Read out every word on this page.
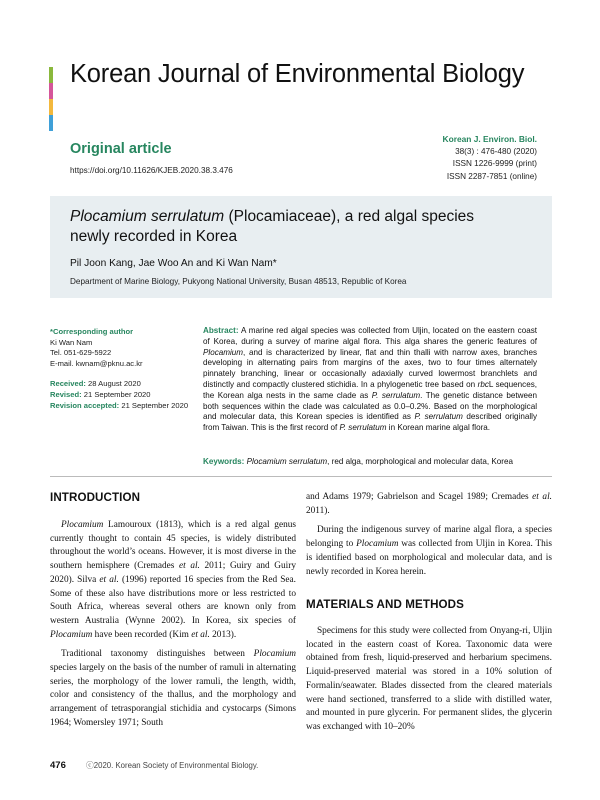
Korean Journal of Environmental Biology
Original article
https://doi.org/10.11626/KJEB.2020.38.3.476
Korean J. Environ. Biol.
38(3) : 476-480 (2020)
ISSN 1226-9999 (print)
ISSN 2287-7851 (online)
Plocamium serrulatum (Plocamiaceae), a red algal species
newly recorded in Korea
Pil Joon Kang, Jae Woo An and Ki Wan Nam*
Department of Marine Biology, Pukyong National University, Busan 48513, Republic of Korea
*Corresponding author
Ki Wan Nam
Tel. 051-629-5922
E-mail. kwnam@pknu.ac.kr
Received: 28 August 2020
Revised: 21 September 2020
Revision accepted: 21 September 2020
Abstract: A marine red algal species was collected from Uljin, located on the eastern coast of Korea, during a survey of marine algal flora. This alga shares the generic features of Plocamium, and is characterized by linear, flat and thin thalli with narrow axes, branches developing in alternating pairs from margins of the axes, two to four times alternately pinnately branching, linear or occasionally adaxially curved lowermost branchlets and distinctly and compactly clustered stichidia. In a phylogenetic tree based on rbcL sequences, the Korean alga nests in the same clade as P. serrulatum. The genetic distance between both sequences within the clade was calculated as 0.0–0.2%. Based on the morphological and molecular data, this Korean species is identified as P. serrulatum described originally from Taiwan. This is the first record of P. serrulatum in Korean marine algal flora.
Keywords: Plocamium serrulatum, red alga, morphological and molecular data, Korea
INTRODUCTION

Plocamium Lamouroux (1813), which is a red algal genus currently thought to contain 45 species, is widely distributed throughout the world’s oceans. However, it is most diverse in the southern hemisphere (Cremades et al. 2011; Guiry and Guiry 2020). Silva et al. (1996) reported 16 species from the Red Sea. Some of these also have distributions more or less restricted to South Africa, whereas several others are known only from western Australia (Wynne 2002). In Korea, six species of Plocamium have been recorded (Kim et al. 2013).

Traditional taxonomy distinguishes between Plocamium species largely on the basis of the number of ramuli in alternating series, the morphology of the lower ramuli, the length, width, color and consistency of the thallus, and the morphology and arrangement of tetrasporangial stichidia and cystocarps (Simons 1964; Womersley 1971; South

and Adams 1979; Gabrielson and Scagel 1989; Cremades et al. 2011).

During the indigenous survey of marine algal flora, a species belonging to Plocamium was collected from Uljin in Korea. This is identified based on morphological and molecular data, and is newly recorded in Korea herein.

MATERIALS AND METHODS

Specimens for this study were collected from Onyang-ri, Uljin located in the eastern coast of Korea. Taxonomic data were obtained from fresh, liquid-preserved and herbarium specimens. Liquid-preserved material was stored in a 10% solution of Formalin/seawater. Blades dissected from the cleared materials were hand sectioned, transferred to a slide with distilled water, and mounted in pure glycerin. For permanent slides, the glycerin was exchanged with 10–20%

476	ⓒ2020. Korean Society of Environmental Biology.
